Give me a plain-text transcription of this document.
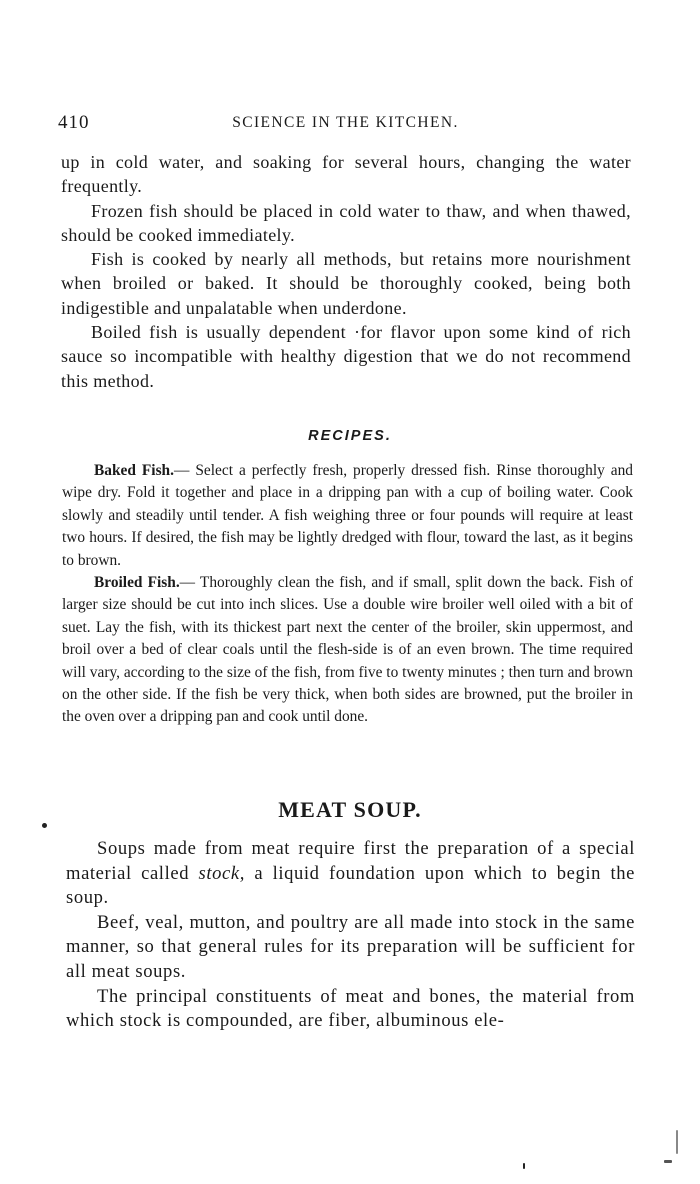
410	SCIENCE IN THE KITCHEN.

up in cold water, and soaking for several hours, changing the water frequently.

Frozen fish should be placed in cold water to thaw, and when thawed, should be cooked immediately.

Fish is cooked by nearly all methods, but retains more nourishment when broiled or baked. It should be thoroughly cooked, being both indigestible and unpalatable when underdone.

Boiled fish is usually dependent ·for flavor upon some kind of rich sauce so incompatible with healthy digestion that we do not recommend this method.

RECIPES.

Baked Fish.— Select a perfectly fresh, properly dressed fish. Rinse thoroughly and wipe dry. Fold it together and place in a dripping pan with a cup of boiling water. Cook slowly and steadily until tender. A fish weighing three or four pounds will require at least two hours. If desired, the fish may be lightly dredged with flour, toward the last, as it begins to brown.

Broiled Fish.— Thoroughly clean the fish, and if small, split down the back. Fish of larger size should be cut into inch slices. Use a double wire broiler well oiled with a bit of suet. Lay the fish, with its thickest part next the center of the broiler, skin uppermost, and broil over a bed of clear coals until the flesh-side is of an even brown. The time required will vary, according to the size of the fish, from five to twenty minutes ; then turn and brown on the other side. If the fish be very thick, when both sides are browned, put the broiler in the oven over a dripping pan and cook until done.

MEAT SOUP.

Soups made from meat require first the preparation of a special material called stock, a liquid foundation upon which to begin the soup.

Beef, veal, mutton, and poultry are all made into stock in the same manner, so that general rules for its preparation will be sufficient for all meat soups.

The principal constituents of meat and bones, the material from which stock is compounded, are fiber, albuminous ele-
